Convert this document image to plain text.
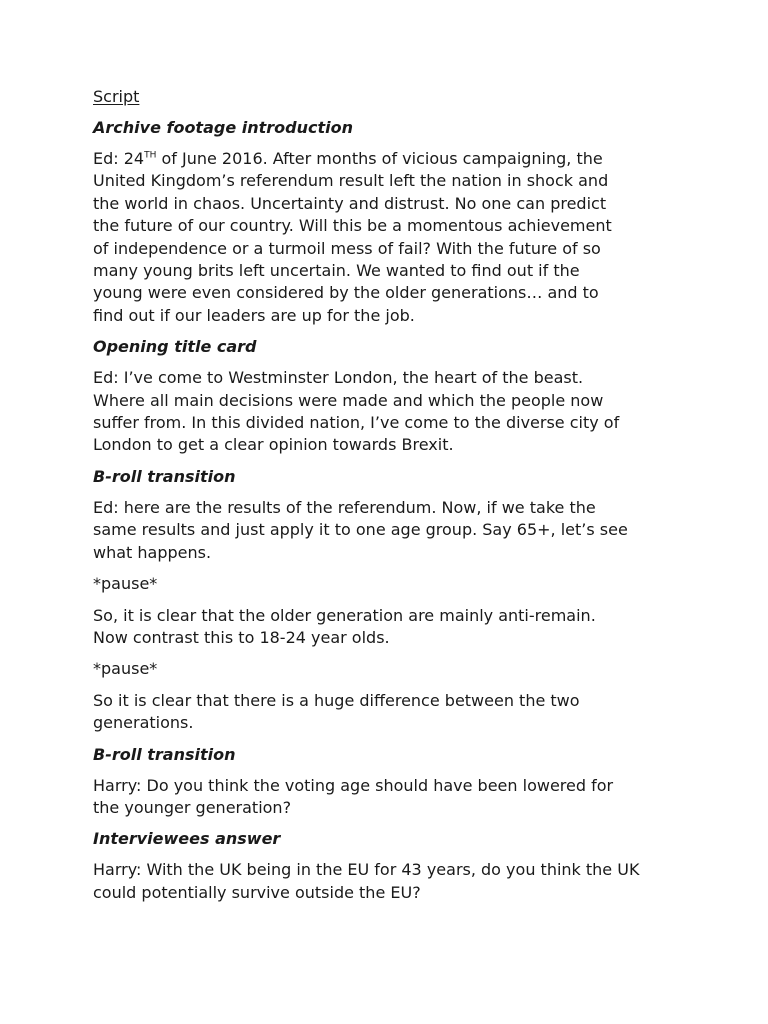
Script
Archive footage introduction
Ed: 24TH of June 2016. After months of vicious campaigning, the
United Kingdom’s referendum result left the nation in shock and
the world in chaos. Uncertainty and distrust. No one can predict
the future of our country. Will this be a momentous achievement
of independence or a turmoil mess of fail? With the future of so
many young brits left uncertain. We wanted to find out if the
young were even considered by the older generations… and to
find out if our leaders are up for the job.
Opening title card
Ed: I’ve come to Westminster London, the heart of the beast.
Where all main decisions were made and which the people now
suffer from. In this divided nation, I’ve come to the diverse city of
London to get a clear opinion towards Brexit.
B-roll transition
Ed: here are the results of the referendum. Now, if we take the
same results and just apply it to one age group. Say 65+, let’s see
what happens.
*pause*
So, it is clear that the older generation are mainly anti-remain.
Now contrast this to 18-24 year olds.
*pause*
So it is clear that there is a huge difference between the two
generations.
B-roll transition
Harry: Do you think the voting age should have been lowered for
the younger generation?
Interviewees answer
Harry: With the UK being in the EU for 43 years, do you think the UK
could potentially survive outside the EU?
